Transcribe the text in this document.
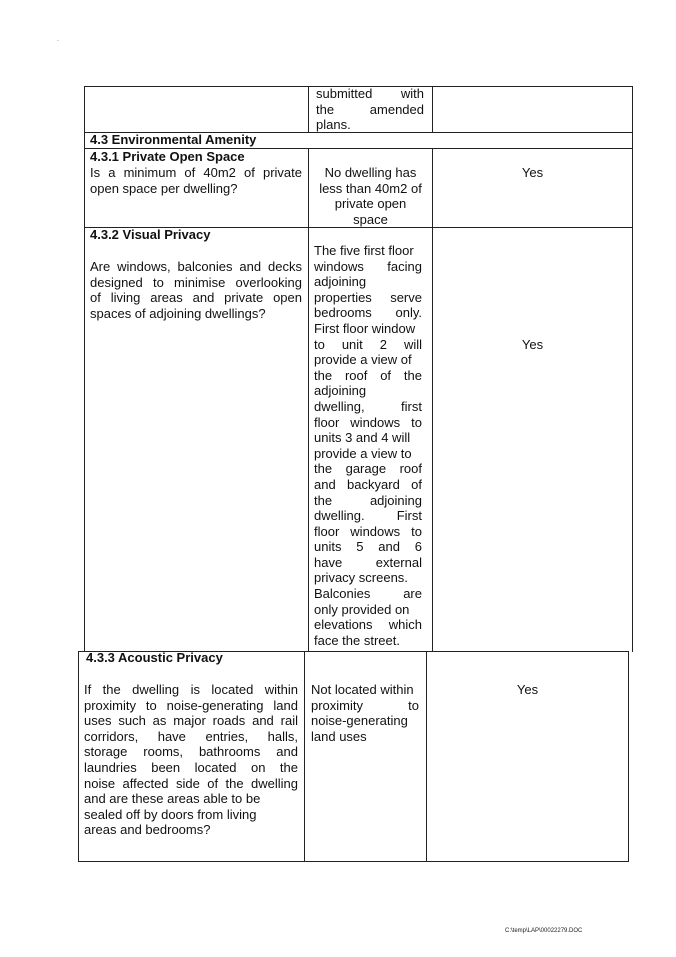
-
submitted with
the amended
plans.
4.3 Environmental Amenity
4.3.1 Private Open Space
Is a minimum of 40m2 of private
open space per dwelling?
No dwelling has
less than 40m2 of
private open
space
Yes
4.3.2 Visual Privacy
Are windows, balconies and decks
designed to minimise overlooking
of living areas and private open
spaces of adjoining dwellings?
The five first floor
windows facing
adjoining
properties serve
bedrooms only.
First floor window
to unit 2 will
provide a view of
the roof of the
adjoining
dwelling, first
floor windows to
units 3 and 4 will
provide a view to
the garage roof
and backyard of
the adjoining
dwelling. First
floor windows to
units 5 and 6
have external
privacy screens.
Balconies are
only provided on
elevations which
face the street.
Yes
4.3.3 Acoustic Privacy
If the dwelling is located within
proximity to noise-generating land
uses such as major roads and rail
corridors, have entries, halls,
storage rooms, bathrooms and
laundries been located on the
noise affected side of the dwelling
and are these areas able to be
sealed off by doors from living
areas and bedrooms?
Not located within
proximity to
noise-generating
land uses
Yes
C:\temp\LAP\00022279.DOC
